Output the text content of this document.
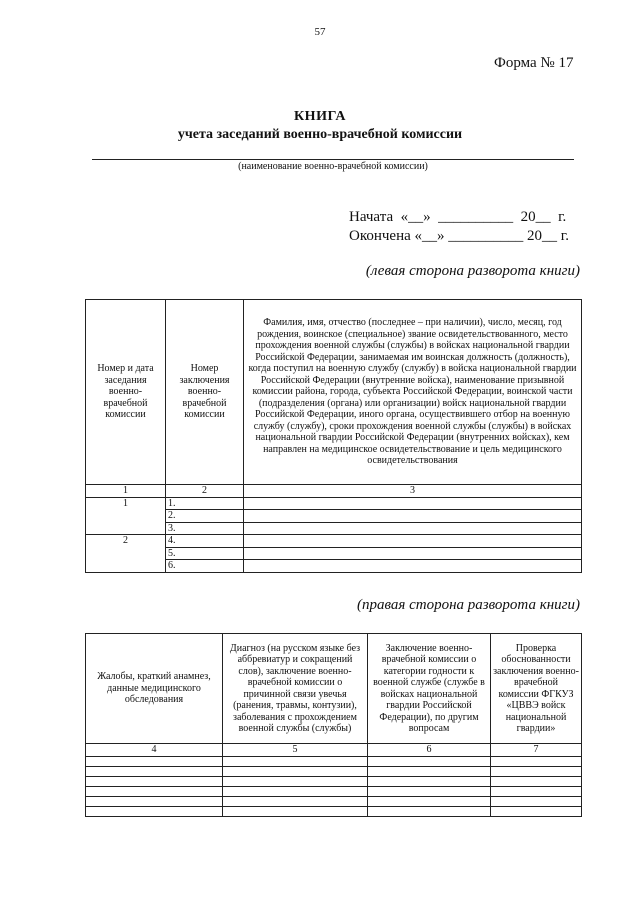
57
Форма № 17
КНИГА
учета заседаний военно-врачебной комиссии
(наименование военно-врачебной комиссии)
Начата  «__»  __________  20__  г.
Окончена «__» __________ 20__ г.
(левая сторона разворота книги)
Номер и дата заседания военно-врачебной комиссии	Номер заключения военно-врачебной комиссии	Фамилия, имя, отчество (последнее – при наличии), число, месяц, год рождения, воинское (специальное) звание освидетельствованного, место прохождения военной службы (службы) в войсках национальной гвардии Российской Федерации, занимаемая им воинская должность (должность), когда поступил на военную службу (службу) в войска национальной гвардии Российской Федерации (внутренние войска), наименование призывной комиссии района, города, субъекта Российской Федерации, воинской части (подразделения (органа) или организации) войск национальной гвардии Российской Федерации, иного органа, осуществившего отбор на военную службу (службу), сроки прохождения военной службы (службы) в войсках национальной гвардии Российской Федерации (внутренних войсках), кем направлен на медицинское освидетельствование и цель медицинского освидетельствования
1	2	3
1	1.	
	2.	
	3.	
2	4.	
	5.	
	6.	
(правая сторона разворота книги)
Жалобы, краткий анамнез, данные медицинского обследования	Диагноз (на русском языке без аббревиатур и сокращений слов), заключение военно-врачебной комиссии о причинной связи увечья (ранения, травмы, контузии), заболевания с прохождением военной службы (службы)	Заключение военно-врачебной комиссии о категории годности к военной службе (службе в войсках национальной гвардии Российской Федерации), по другим вопросам	Проверка обоснованности заключения военно-врачебной комиссии ФГКУЗ «ЦВВЭ войск национальной гвардии»
4	5	6	7
